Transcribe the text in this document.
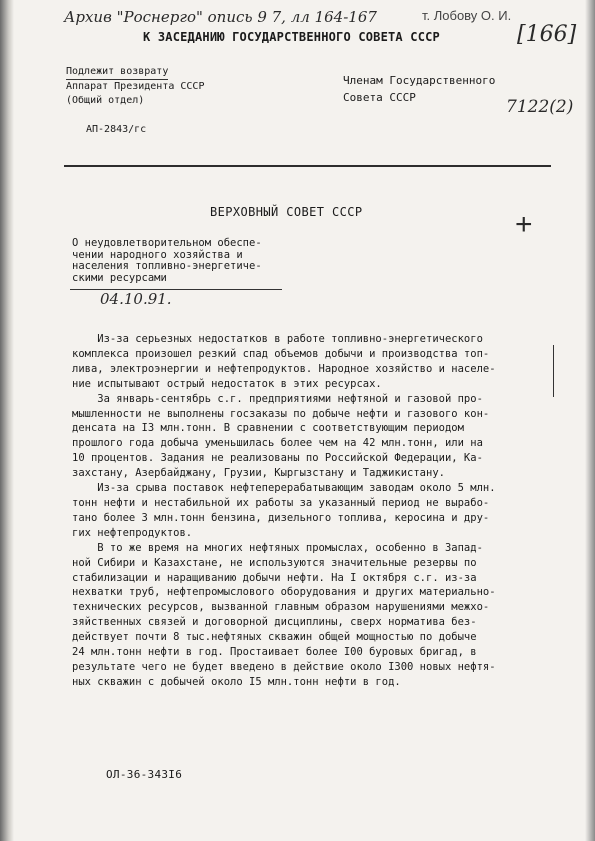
Архив "Роснерго" опись 9 7, лл 164-167	т. Лобову О. И.
[166]
К ЗАСЕДАНИЮ ГОСУДАРСТВЕННОГО СОВЕТА СССР
Подлежит возврату
Аппарат Президента СССР
(Общий отдел)
Членам Государственного
Совета СССР	7122(2)
АП-2843/гс
ВЕРХОВНЫЙ СОВЕТ СССР	+
О неудовлетворительном обеспе-
чении народного хозяйства и
населения топливно-энергетиче-
скими ресурсами
04.10.91.
Из-за серьезных недостатков в работе топливно-энергетического
комплекса произошел резкий спад объемов добычи и производства топ-
лива, электроэнергии и нефтепродуктов. Народное хозяйство и населе-
ние испытывают острый недостаток в этих ресурсах.
За январь-сентябрь с.г. предприятиями нефтяной и газовой про-
мышленности не выполнены госзаказы по добыче нефти и газового кон-
денсата на I3 млн.тонн. В сравнении с соответствующим периодом
прошлого года добыча уменьшилась более чем на 42 млн.тонн, или на
10 процентов. Задания не реализованы по Российской Федерации, Ка-
захстану, Азербайджану, Грузии, Кыргызстану и Таджикистану.
Из-за срыва поставок нефтеперерабатывающим заводам около 5 млн.
тонн нефти и нестабильной их работы за указанный период не вырабо-
тано более 3 млн.тонн бензина, дизельного топлива, керосина и дру-
гих нефтепродуктов.
В то же время на многих нефтяных промыслах, особенно в Запад-
ной Сибири и Казахстане, не используются значительные резервы по
стабилизации и наращиванию добычи нефти. На I октября с.г. из-за
нехватки труб, нефтепромыслового оборудования и других материально-
технических ресурсов, вызванной главным образом нарушениями межхо-
зяйственных связей и договорной дисциплины, сверх норматива без-
действует почти 8 тыс.нефтяных скважин общей мощностью по добыче
24 млн.тонн нефти в год. Простаивает более I00 буровых бригад, в
результате чего не будет введено в действие около I300 новых нефтя-
ных скважин с добычей около I5 млн.тонн нефти в год.
ОЛ-36-343I6
